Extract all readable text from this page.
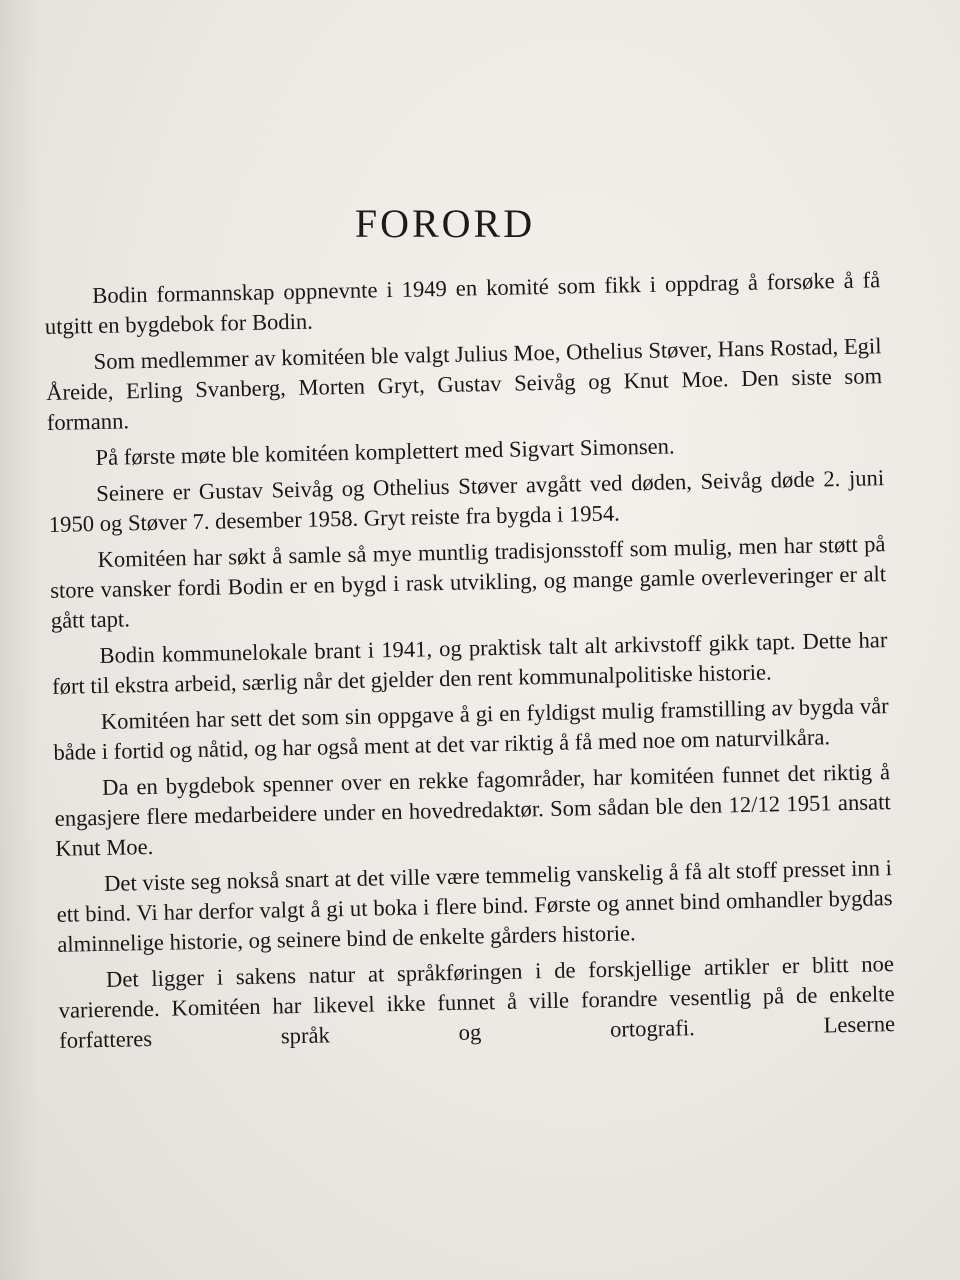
FORORD

Bodin formannskap oppnevnte i 1949 en komité som fikk i oppdrag å forsøke å få utgitt en bygdebok for Bodin.

Som medlemmer av komitéen ble valgt Julius Moe, Othelius Støver, Hans Rostad, Egil Åreide, Erling Svanberg, Morten Gryt, Gustav Seivåg og Knut Moe. Den siste som formann.

På første møte ble komitéen komplettert med Sigvart Simonsen.

Seinere er Gustav Seivåg og Othelius Støver avgått ved døden, Seivåg døde 2. juni 1950 og Støver 7. desember 1958. Gryt reiste fra bygda i 1954.

Komitéen har søkt å samle så mye muntlig tradisjonsstoff som mulig, men har støtt på store vansker fordi Bodin er en bygd i rask utvikling, og mange gamle overleveringer er alt gått tapt.

Bodin kommunelokale brant i 1941, og praktisk talt alt arkivstoff gikk tapt. Dette har ført til ekstra arbeid, særlig når det gjelder den rent kommunalpolitiske historie.

Komitéen har sett det som sin oppgave å gi en fyldigst mulig framstilling av bygda vår både i fortid og nåtid, og har også ment at det var riktig å få med noe om naturvilkåra.

Da en bygdebok spenner over en rekke fagområder, har komitéen funnet det riktig å engasjere flere medarbeidere under en hovedredaktør. Som sådan ble den 12/12 1951 ansatt Knut Moe.

Det viste seg nokså snart at det ville være temmelig vanskelig å få alt stoff presset inn i ett bind. Vi har derfor valgt å gi ut boka i flere bind. Første og annet bind omhandler bygdas alminnelige historie, og seinere bind de enkelte gårders historie.

Det ligger i sakens natur at språkføringen i de forskjellige artikler er blitt noe varierende. Komitéen har likevel ikke funnet å ville forandre vesentlig på de enkelte forfatteres språk og ortografi. Leserne
